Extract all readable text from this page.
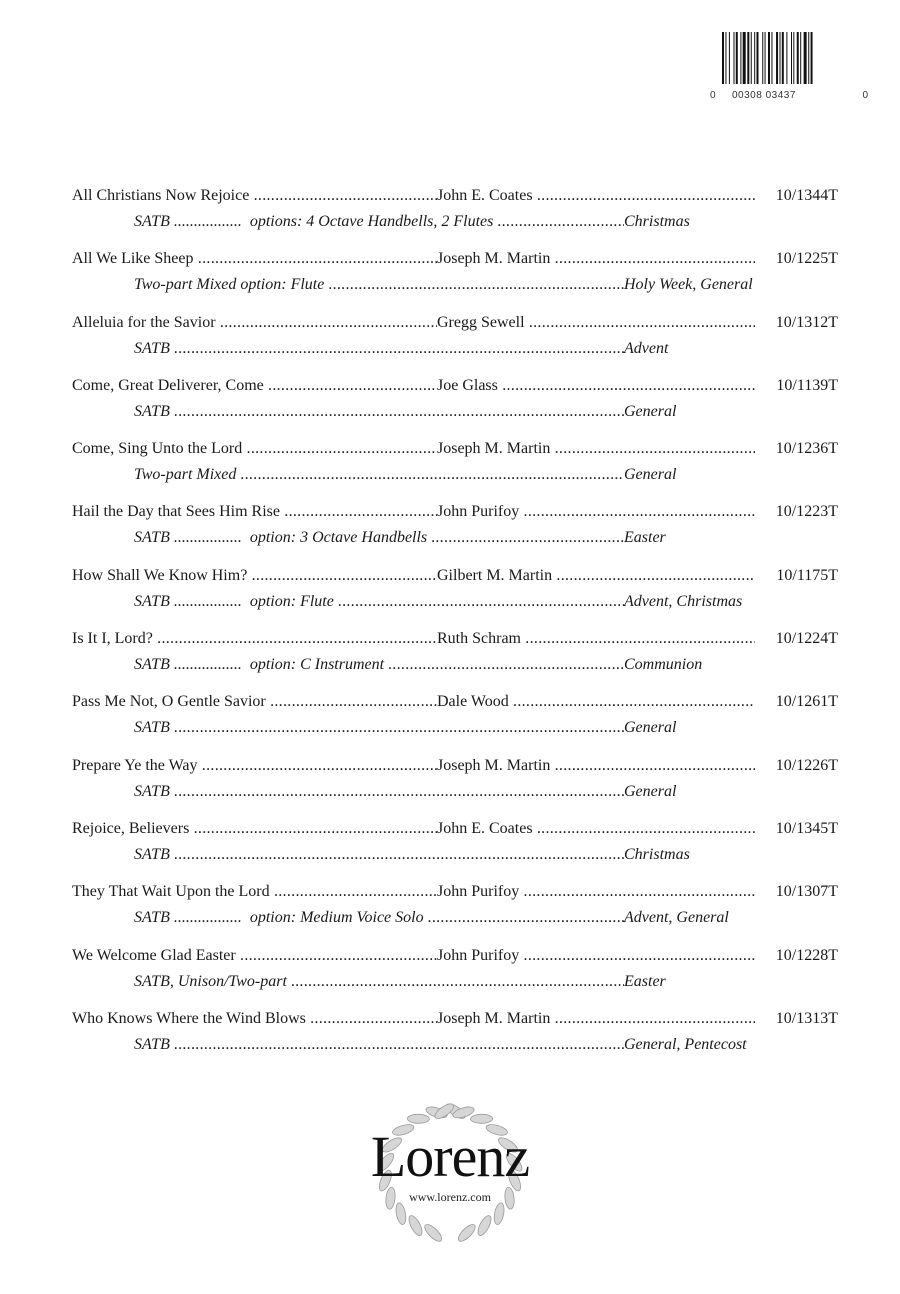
0 00308 03437	0
All Christians Now Rejoice .....	John E. Coates .....	10/1344T
SATB .................  options: 4 Octave Handbells, 2 Flutes .....	Christmas
All We Like Sheep .....	Joseph M. Martin .....	10/1225T
Two-part Mixed option: Flute .....	Holy Week, General
Alleluia for the Savior .....	Gregg Sewell .....	10/1312T
SATB .....	Advent
Come, Great Deliverer, Come .....	Joe Glass .....	10/1139T
SATB .....	General
Come, Sing Unto the Lord .....	Joseph M. Martin .....	10/1236T
Two-part Mixed .....	General
Hail the Day that Sees Him Rise .....	John Purifoy .....	10/1223T
SATB .................  option: 3 Octave Handbells .....	Easter
How Shall We Know Him? .....	Gilbert M. Martin .....	10/1175T
SATB .................  option: Flute .....	Advent, Christmas
Is It I, Lord? .....	Ruth Schram .....	10/1224T
SATB .................  option: C Instrument .....	Communion
Pass Me Not, O Gentle Savior .....	Dale Wood .....	10/1261T
SATB .....	General
Prepare Ye the Way .....	Joseph M. Martin .....	10/1226T
SATB .....	General
Rejoice, Believers .....	John E. Coates .....	10/1345T
SATB .....	Christmas
They That Wait Upon the Lord .....	John Purifoy .....	10/1307T
SATB .................  option: Medium Voice Solo .....	Advent, General
We Welcome Glad Easter .....	John Purifoy .....	10/1228T
SATB, Unison/Two-part .....	Easter
Who Knows Where the Wind Blows .....	Joseph M. Martin .....	10/1313T
SATB .....	General, Pentecost
Lorenz
www.lorenz.com
